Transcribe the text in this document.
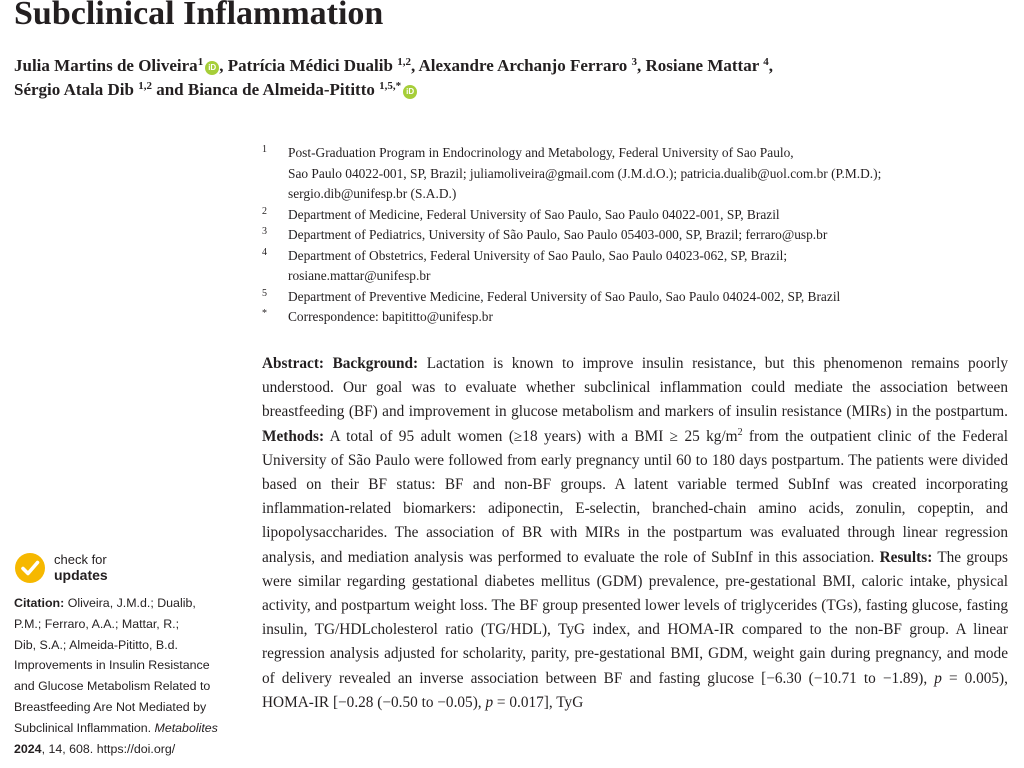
Subclinical Inflammation
Julia Martins de Oliveira$^1$ iD , Patrícia Médici Dualib $^{1,2}$, Alexandre Archanjo Ferraro $^3$, Rosiane Mattar $^4$,
Sérgio Atala Dib $^{1,2}$ and Bianca de Almeida-Pititto $^{1,5,*}$ iD
1 Post-Graduation Program in Endocrinology and Metabology, Federal University of Sao Paulo,
Sao Paulo 04022-001, SP, Brazil; juliamoliveira@gmail.com (J.M.d.O.); patricia.dualib@uol.com.br (P.M.D.);
sergio.dib@unifesp.br (S.A.D.)
2 Department of Medicine, Federal University of Sao Paulo, Sao Paulo 04022-001, SP, Brazil
3 Department of Pediatrics, University of São Paulo, Sao Paulo 05403-000, SP, Brazil; ferraro@usp.br
4 Department of Obstetrics, Federal University of Sao Paulo, Sao Paulo 04023-062, SP, Brazil;
rosiane.mattar@unifesp.br
5 Department of Preventive Medicine, Federal University of Sao Paulo, Sao Paulo 04024-002, SP, Brazil
* Correspondence: bapititto@unifesp.br

Abstract: Background: Lactation is known to improve insulin resistance, but this phenomenon remains poorly understood. Our goal was to evaluate whether subclinical inflammation could mediate the association between breastfeeding (BF) and improvement in glucose metabolism and markers of insulin resistance (MIRs) in the postpartum. Methods: A total of 95 adult women (≥18 years) with a BMI ≥ 25 $kg/m^2$ from the outpatient clinic of the Federal University of São Paulo were followed from early pregnancy until 60 to 180 days postpartum. The patients were divided based on their BF status: BF and non-BF groups. A latent variable termed SubInf was created incorporating inflammation-related biomarkers: adiponectin, E-selectin, branched-chain amino acids, zonulin, copeptin, and lipopolysaccharides. The association of BR with MIRs in the postpartum was evaluated through linear regression analysis, and mediation analysis was performed to evaluate the role of SubInf in this association. Results: The groups were similar regarding gestational diabetes mellitus (GDM) prevalence, pre-gestational BMI, caloric intake, physical activity, and postpartum weight loss. The BF group presented lower levels of triglycerides (TGs), fasting glucose, fasting insulin, TG/HDLcholesterol ratio (TG/HDL), TyG index, and HOMA-IR compared to the non-BF group. A linear regression analysis adjusted for scholarity, parity, pre-gestational BMI, GDM, weight gain during pregnancy, and mode of delivery revealed an inverse association between BF and fasting glucose [−6.30 (−10.71 to −1.89), p = 0.005), HOMA-IR [−0.28 (−0.50 to −0.05), p = 0.017], TyG

check for
updates
Citation: Oliveira, J.M.d.; Dualib,
P.M.; Ferraro, A.A.; Mattar, R.;
Dib, S.A.; Almeida-Pititto, B.d.
Improvements in Insulin Resistance
and Glucose Metabolism Related to
Breastfeeding Are Not Mediated by
Subclinical Inflammation. Metabolites
2024, 14, 608. https://doi.org/
